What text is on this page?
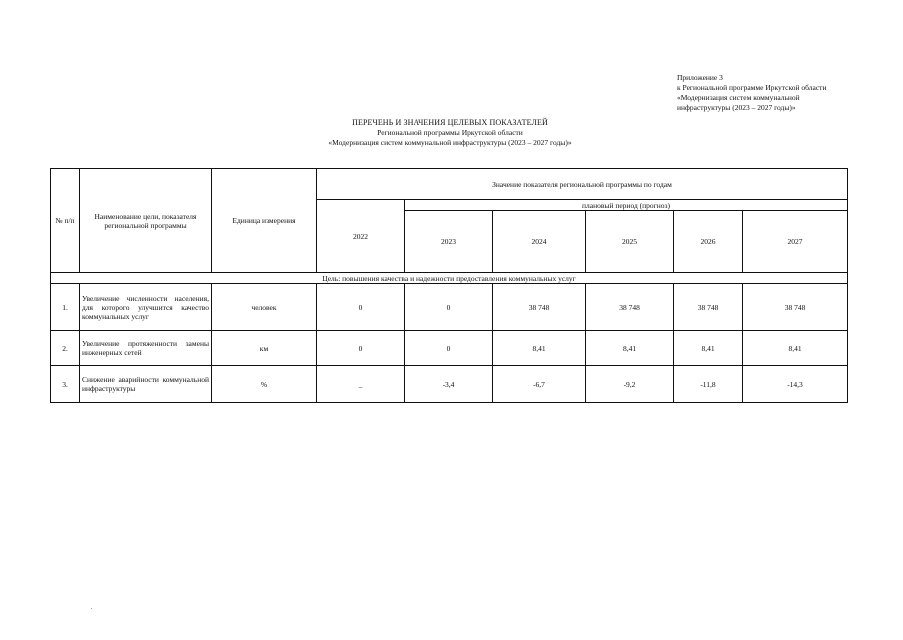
Приложение 3
к Региональной программе Иркутской области
«Модернизация систем коммунальной
инфраструктуры (2023 – 2027 годы)»
ПЕРЕЧЕНЬ И ЗНАЧЕНИЯ ЦЕЛЕВЫХ ПОКАЗАТЕЛЕЙ
Региональной программы Иркутской области
«Модернизация систем коммунальной инфраструктуры (2023 – 2027 годы)»
№ п/п	Наименование цели, показателя региональной программы	Единица измерения	Значение показателя региональной программы по годам					
			2022	плановый период (прогноз)				
				2023	2024	2025	2026	2027
Цель: повышения качества и надежности предоставления коммунальных услуг								
1.	Увеличение численности населения, для которого улучшится качество коммунальных услуг	человек	0	0	38 748	38 748	38 748	38 748
2.	Увеличение протяженности замены инженерных сетей	км	0	0	8,41	8,41	8,41	8,41
3.	Снижение аварийности коммунальной инфраструктуры	%	_	-3,4	-6,7	-9,2	-11,8	-14,3
